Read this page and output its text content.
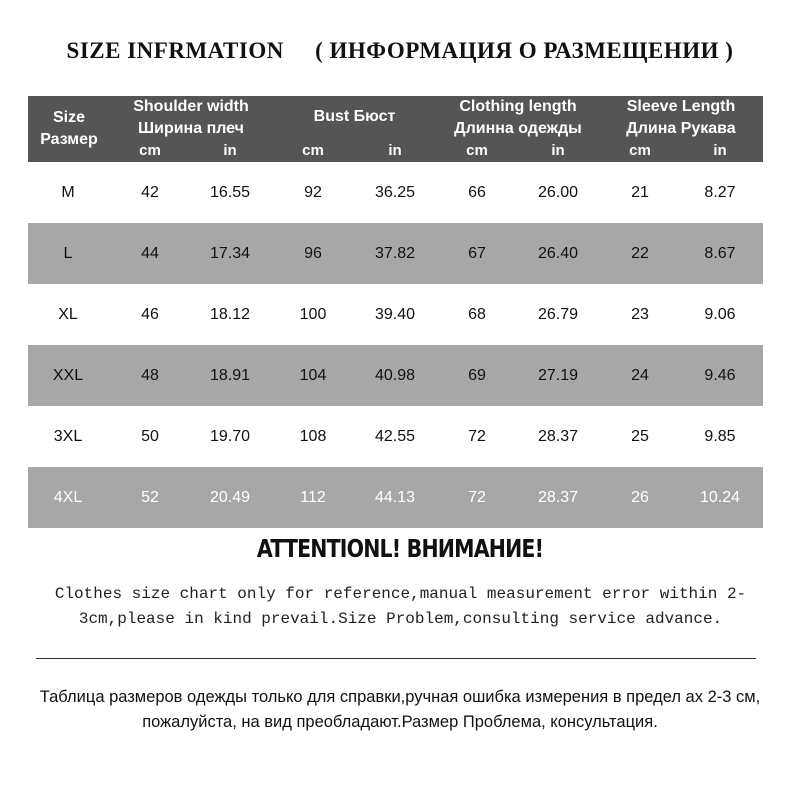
SIZE INFRMATION     ( ИНФОРМАЦИЯ О РАЗМЕЩЕНИИ )
Size
Размер
Shoulder width
Ширина плеч
Bust Бюст
Clothing length
Длинна одежды
Sleeve Length
Длина Рукава
cm	in	cm	in	cm	in	cm	in
M	42	16.55	92	36.25	66	26.00	21	8.27
L	44	17.34	96	37.82	67	26.40	22	8.67
XL	46	18.12	100	39.40	68	26.79	23	9.06
XXL	48	18.91	104	40.98	69	27.19	24	9.46
3XL	50	19.70	108	42.55	72	28.37	25	9.85
4XL	52	20.49	112	44.13	72	28.37	26	10.24
ATTENTIONL! ВНИМАНИЕ!
Clothes size chart only for reference,manual measurement error within 2-3cm,please in kind prevail.Size Problem,consulting service advance.
Таблица размеров одежды только для справки,ручная ошибка измерения в предел ах 2-3 см, пожалуйста, на вид преобладают.Размер Проблема, консультация.
